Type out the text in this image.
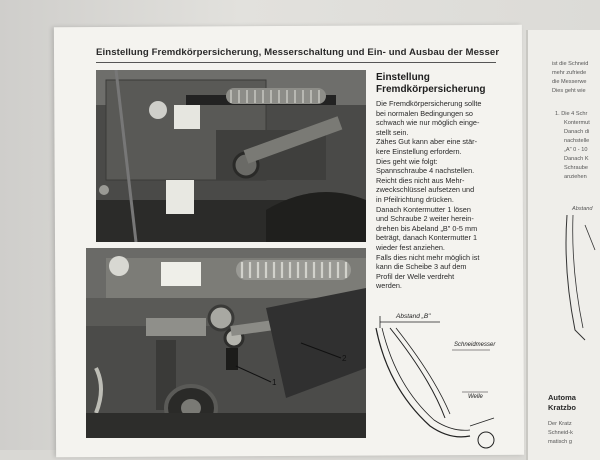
Einstellung Fremdkörpersicherung, Messerschaltung und Ein- und Ausbau der Messer
2
1
Einstellung
Fremdkörpersicherung

Die Fremdkörpersicherung sollte

bei normalen Bedingungen so

schwach wie nur möglich einge-

stellt sein.

Zähes Gut kann aber eine stär-

kere Einstellung erfordern.

Dies geht wie folgt:

Spannschraube 4 nachstellen.

Reicht dies nicht aus Mehr-

zweckschlüssel aufsetzen und

in Pfeilrichtung drücken.

Danach Kontermutter 1 lösen

und Schraube 2 weiter herein-

drehen bis Abeland „B" 0-5 mm

beträgt, danach Kontermutter 1

wieder fest anziehen.

Falls dies nicht mehr möglich ist

kann die Scheibe 3 auf dem

Profil der Welle verdreht

werden.

Abstand „B"
Schneidmesser
Welle
ist die Schneid
mehr zufriede
die Messerwe
Dies geht wie
1. Die 4 Schr
Kontermut
Danach di
nachstelle
„A" 0 - 10
Danach K
Schraube
anziehen
Abstand
Automa
Kratzbo
Der Kratz
Schneid-k
matisch g
